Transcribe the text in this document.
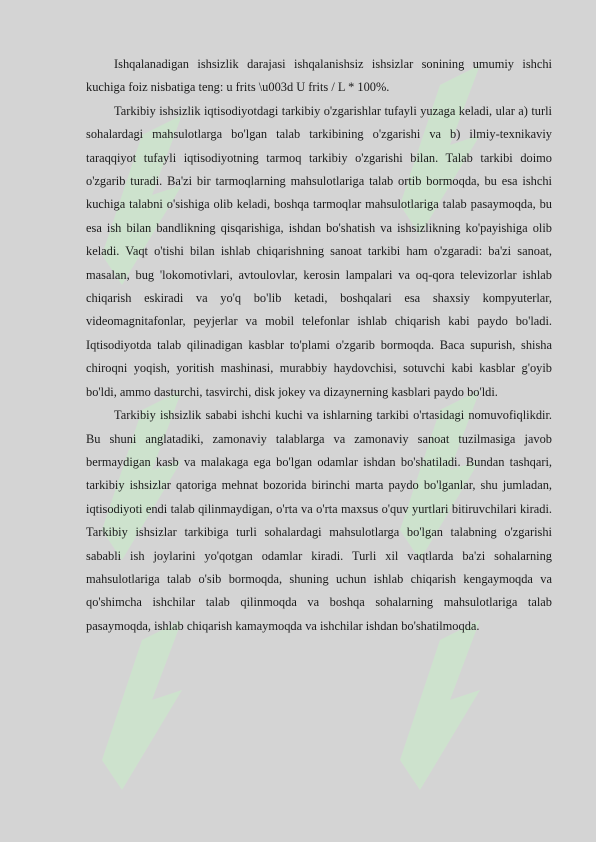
Ishqalanadigan ishsizlik darajasi ishqalanishsiz ishsizlar sonining umumiy ishchi kuchiga foiz nisbatiga teng: u frits \u003d U frits / L * 100%.

Tarkibiy ishsizlik iqtisodiyotdagi tarkibiy o'zgarishlar tufayli yuzaga keladi, ular a) turli sohalardagi mahsulotlarga bo'lgan talab tarkibining o'zgarishi va b) ilmiy-texnikaviy taraqqiyot tufayli iqtisodiyotning tarmoq tarkibiy o'zgarishi bilan. Talab tarkibi doimo o'zgarib turadi. Ba'zi bir tarmoqlarning mahsulotlariga talab ortib bormoqda, bu esa ishchi kuchiga talabni o'sishiga olib keladi, boshqa tarmoqlar mahsulotlariga talab pasaymoqda, bu esa ish bilan bandlikning qisqarishiga, ishdan bo'shatish va ishsizlikning ko'payishiga olib keladi. Vaqt o'tishi bilan ishlab chiqarishning sanoat tarkibi ham o'zgaradi: ba'zi sanoat, masalan, bug 'lokomotivlari, avtoulovlar, kerosin lampalari va oq-qora televizorlar ishlab chiqarish eskiradi va yo'q bo'lib ketadi, boshqalari esa shaxsiy kompyuterlar, videomagnitafonlar, peyjerlar va mobil telefonlar ishlab chiqarish kabi paydo bo'ladi. Iqtisodiyotda talab qilinadigan kasblar to'plami o'zgarib bormoqda. Baca supurish, shisha chiroqni yoqish, yoritish mashinasi, murabbiy haydovchisi, sotuvchi kabi kasblar g'oyib bo'ldi, ammo dasturchi, tasvirchi, disk jokey va dizaynerning kasblari paydo bo'ldi.

Tarkibiy ishsizlik sababi ishchi kuchi va ishlarning tarkibi o'rtasidagi nomuvofiqlikdir. Bu shuni anglatadiki, zamonaviy talablarga va zamonaviy sanoat tuzilmasiga javob bermaydigan kasb va malakaga ega bo'lgan odamlar ishdan bo'shatiladi. Bundan tashqari, tarkibiy ishsizlar qatoriga mehnat bozorida birinchi marta paydo bo'lganlar, shu jumladan, iqtisodiyoti endi talab qilinmaydigan, o'rta va o'rta maxsus o'quv yurtlari bitiruvchilari kiradi. Tarkibiy ishsizlar tarkibiga turli sohalardagi mahsulotlarga bo'lgan talabning o'zgarishi sababli ish joylarini yo'qotgan odamlar kiradi. Turli xil vaqtlarda ba'zi sohalarning mahsulotlariga talab o'sib bormoqda, shuning uchun ishlab chiqarish kengaymoqda va qo'shimcha ishchilar talab qilinmoqda va boshqa sohalarning mahsulotlariga talab pasaymoqda, ishlab chiqarish kamaymoqda va ishchilar ishdan bo'shatilmoqda.
